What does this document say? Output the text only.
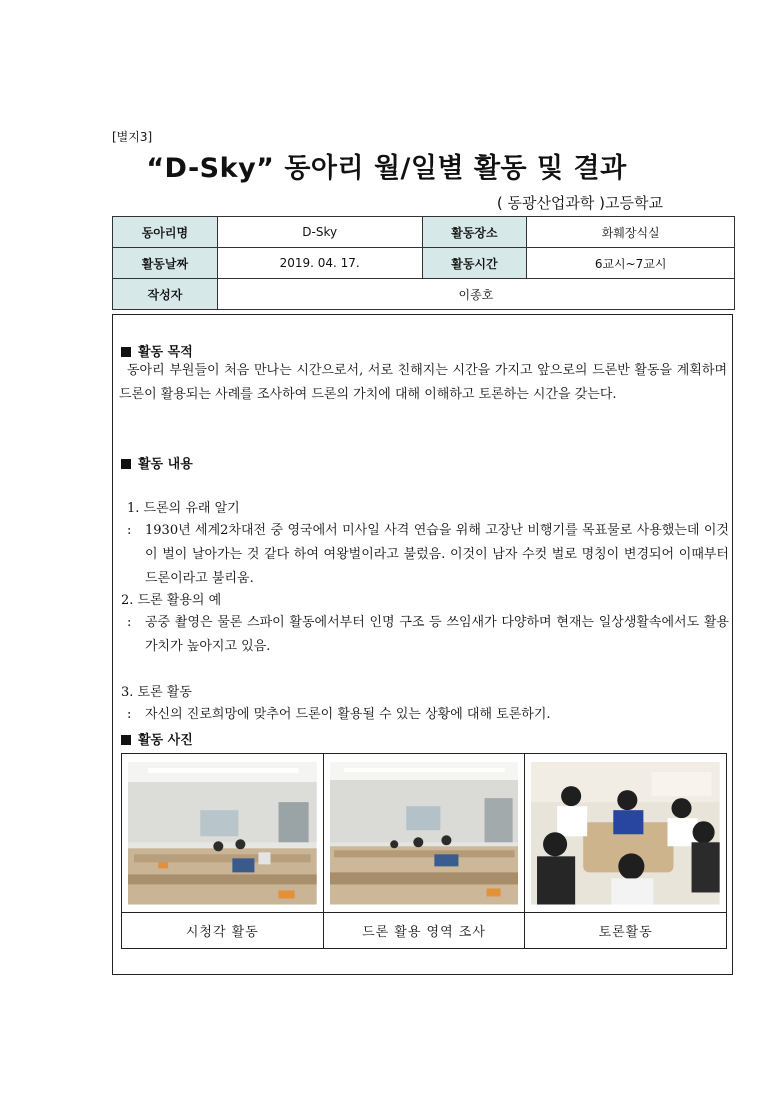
[별지3]
“D-Sky” 동아리 월/일별 활동 및 결과
( 동광산업과학 )고등학교
동아리명	D-Sky	활동장소	화훼장식실
활동날짜	2019. 04. 17.	활동시간	6교시~7교시
작성자	이종호		
활동 목적
동아리 부원들이 처음 만나는 시간으로서, 서로 친해지는 시간을 가지고 앞으로의 드론반 활동을 계획하며 드론이 활용되는 사례를 조사하여 드론의 가치에 대해 이해하고 토론하는 시간을 갖는다.
활동 내용
1. 드론의 유래 알기
: 1930년 세계2차대전 중 영국에서 미사일 사격 연습을 위해 고장난 비행기를 목표물로 사용했는데 이것이 벌이 날아가는 것 같다 하여 여왕벌이라고 불렀음. 이것이 남자 수컷 벌로 명칭이 변경되어 이때부터 드론이라고 불리움.
2. 드론 활용의 예
: 공중 촬영은 물론 스파이 활동에서부터 인명 구조 등 쓰임새가 다양하며 현재는 일상생활속에서도 활용가치가 높아지고 있음.
3. 토론 활동
: 자신의 진로희망에 맞추어 드론이 활용될 수 있는 상황에 대해 토론하기.
활동 사진
시청각 활동	드론 활용 영역 조사	토론활동
